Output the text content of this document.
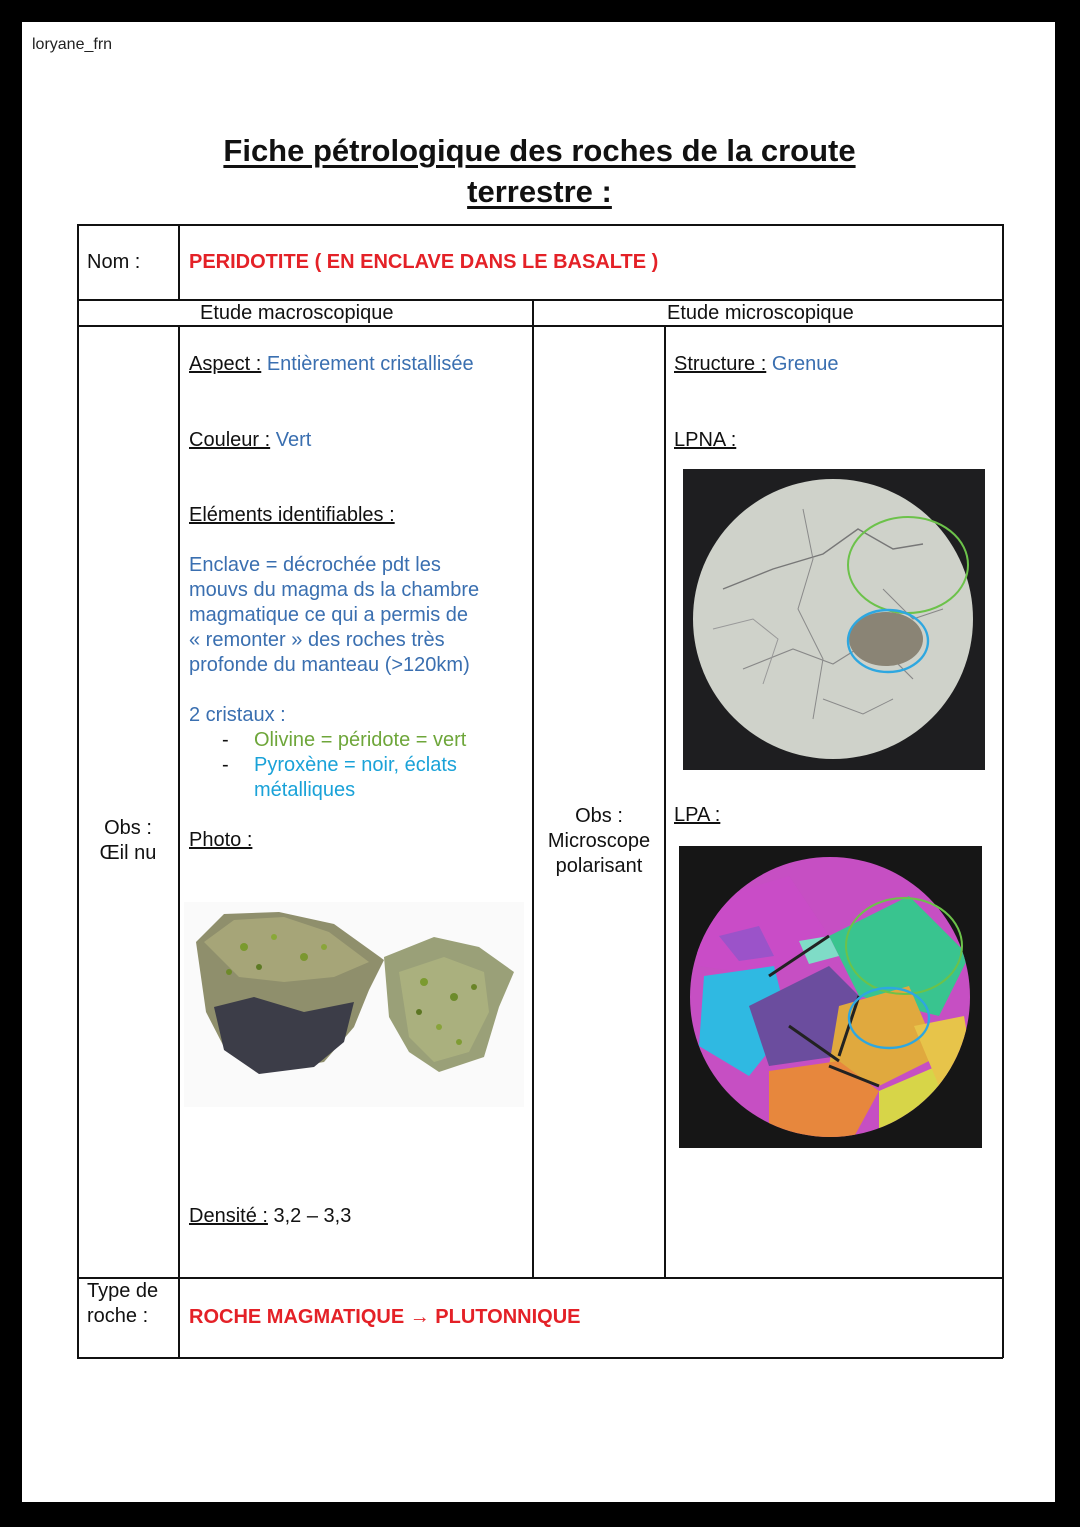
loryane_frn
Fiche pétrologique des roches de la croute
terrestre :
Nom : PERIDOTITE ( EN ENCLAVE DANS LE BASALTE )
Etude macroscopique	Etude microscopique
Obs :
Œil nu
Aspect : Entièrement cristallisée
Couleur : Vert
Eléments identifiables :
Enclave = décrochée pdt les
mouvs du magma ds la chambre
magmatique ce qui a permis de
« remonter » des roches très
profonde du manteau (>120km)
2 cristaux :
- Olivine = péridote = vert
- Pyroxène = noir, éclats
métalliques
Photo :
Densité : 3,2 – 3,3
Obs :
Microscope
polarisant
Structure : Grenue
LPNA :
LPA :
Type de
roche :	ROCHE MAGMATIQUE → PLUTONNIQUE
